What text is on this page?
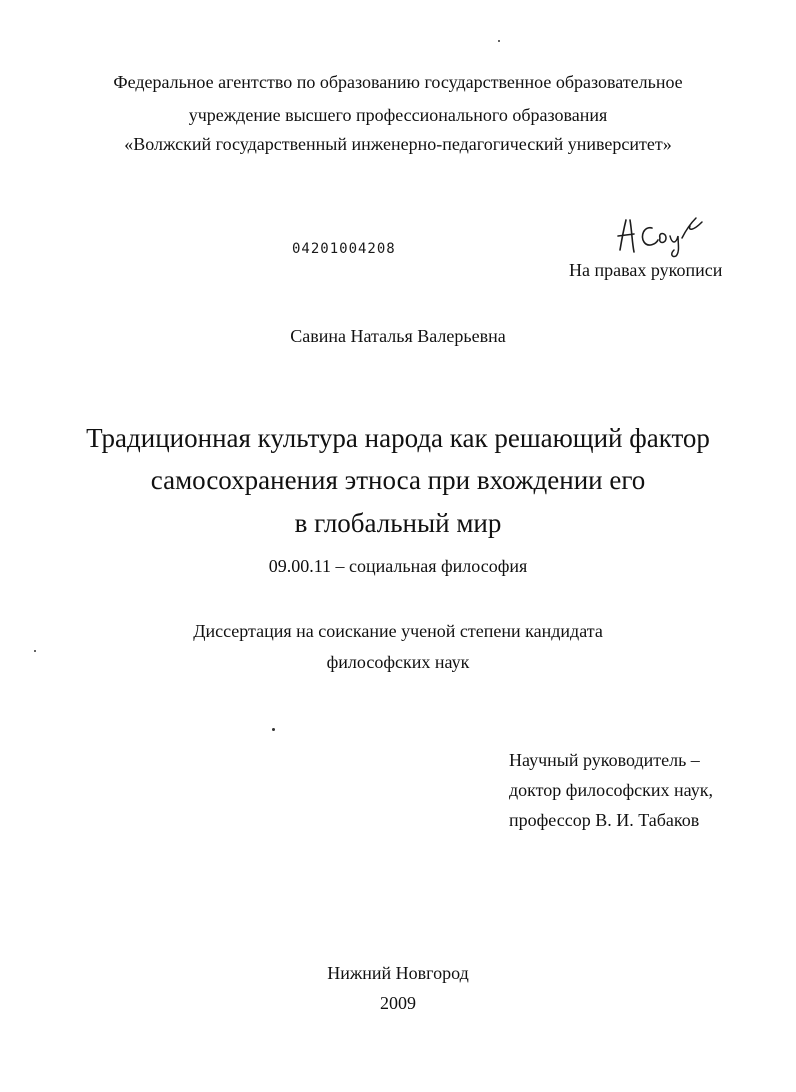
Федеральное агентство по образованию государственное образовательное
учреждение высшего профессионального образования
«Волжский государственный инженерно-педагогический университет»
04201004208
На правах рукописи
Савина Наталья Валерьевна
Традиционная культура народа как решающий фактор
самосохранения этноса при вхождении его
в глобальный мир
09.00.11 – социальная философия
Диссертация на соискание ученой степени кандидата
философских наук
Научный руководитель –
доктор философских наук,
профессор В. И. Табаков
Нижний Новгород
2009
